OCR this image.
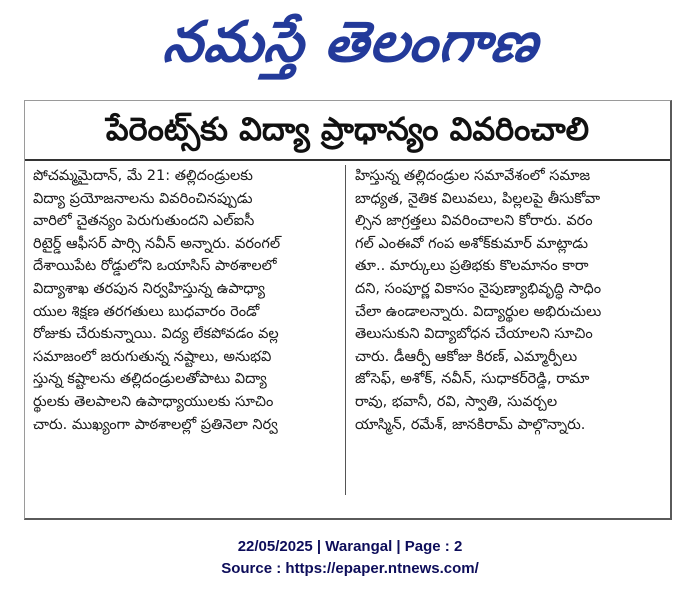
నమస్తే తెలంగాణ
పేరెంట్స్‌కు విద్యా ప్రాధాన్యం వివరించాలి
పోచమ్మమైదాన్, మే 21: తల్లిదండ్రులకు
విద్యా ప్రయోజనాలను వివరించినప్పుడు
వారిలో చైతన్యం పెరుగుతుందని ఎల్‌ఐసీ
రిటైర్డ్ ఆఫీసర్ పార్సి నవీన్ అన్నారు. వరంగల్
దేశాయిపేట రోడ్డులోని ఒయాసిస్ పాఠశాలలో
విద్యాశాఖ తరపున నిర్వహిస్తున్న ఉపాధ్యా
యుల శిక్షణ తరగతులు బుధవారం రెండో
రోజుకు చేరుకున్నాయి. విద్య లేకపోవడం వల్ల
సమాజంలో జరుగుతున్న నష్టాలు, అనుభవి
స్తున్న కష్టాలను తల్లిదండ్రులతోపాటు విద్యా
ర్థులకు తెలపాలని ఉపాధ్యాయులకు సూచిం
చారు. ముఖ్యంగా పాఠశాలల్లో ప్రతినెలా నిర్వ
హిస్తున్న తల్లిదండ్రుల సమావేశంలో సమాజ
బాధ్యత, నైతిక విలువలు, పిల్లలపై తీసుకోవా
ల్సిన జాగ్రత్తలు వివరించాలని కోరారు. వరం
గల్ ఎంఈవో గంప అశోక్‌కుమార్ మాట్లాడు
తూ.. మార్కులు ప్రతిభకు కొలమానం కారా
దని, సంపూర్ణ వికాసం నైపుణ్యాభివృద్ధి సాధిం
చేలా ఉండాలన్నారు. విద్యార్థుల అభిరుచులు
తెలుసుకుని విద్యాబోధన చేయాలని సూచిం
చారు. డీఆర్పీ ఆకోజు కిరణ్, ఎమ్మార్పీలు
జోసెఫ్, అశోక్, నవీన్, సుధాకర్‌రెడ్డి, రామా
రావు, భవానీ, రవి, స్వాతి, సువర్చల
యాస్మిన్, రమేశ్, జానకిరామ్ పాల్గొన్నారు.
22/05/2025 | Warangal | Page : 2
Source : https://epaper.ntnews.com/
